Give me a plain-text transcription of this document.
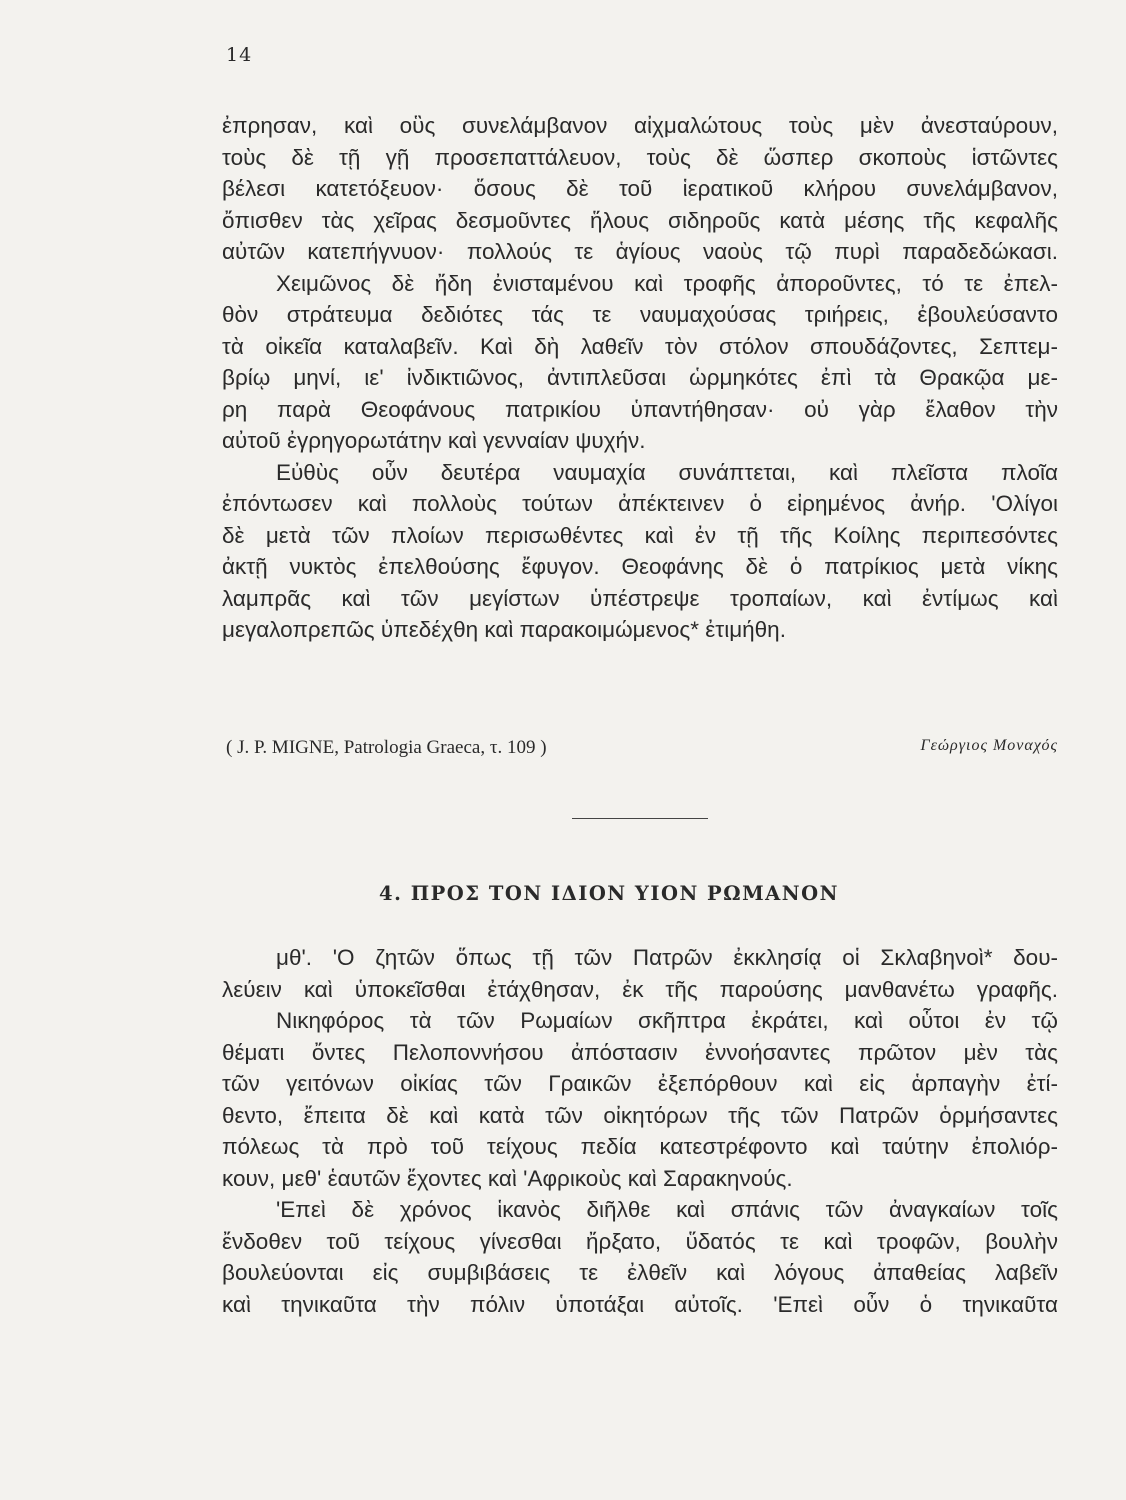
14
ἐπρησαν, καὶ οὓς συνελάμβανον αἰχμαλώτους τοὺς μὲν ἀνεσταύρουν,
τοὺς δὲ τῇ γῇ προσεπαττάλευον, τοὺς δὲ ὥσπερ σκοποὺς ἱστῶντες
βέλεσι κατετόξευον· ὅσους δὲ τοῦ ἱερατικοῦ κλήρου συνελάμβανον,
ὄπισθεν τὰς χεῖρας δεσμοῦντες ἥλους σιδηροῦς κατὰ μέσης τῆς κεφαλῆς
αὐτῶν κατεπήγνυον· πολλούς τε ἁγίους ναοὺς τῷ πυρὶ παραδεδώκασι.
Χειμῶνος δὲ ἤδη ἐνισταμένου καὶ τροφῆς ἀποροῦντες, τό τε ἐπελ-
θὸν στράτευμα δεδιότες τάς τε ναυμαχούσας τριήρεις, ἐβουλεύσαντο
τὰ οἰκεῖα καταλαβεῖν. Καὶ δὴ λαθεῖν τὸν στόλον σπουδάζοντες, Σεπτεμ-
βρίῳ μηνί, ιε' ἰνδικτιῶνος, ἀντιπλεῦσαι ὡρμηκότες ἐπὶ τὰ Θρακῷα με-
ρη παρὰ Θεοφάνους πατρικίου ὑπαντήθησαν· οὐ γὰρ ἔλαθον τὴν
αὐτοῦ ἐγρηγορωτάτην καὶ γενναίαν ψυχήν.
Εὐθὺς οὖν δευτέρα ναυμαχία συνάπτεται, καὶ πλεῖστα πλοῖα
ἐπόντωσεν καὶ πολλοὺς τούτων ἀπέκτεινεν ὁ εἰρημένος ἀνήρ. 'Ολίγοι
δὲ μετὰ τῶν πλοίων περισωθέντες καὶ ἐν τῇ τῆς Κοίλης περιπεσόντες
ἀκτῇ νυκτὸς ἐπελθούσης ἔφυγον. Θεοφάνης δὲ ὁ πατρίκιος μετὰ νίκης
λαμπρᾶς καὶ τῶν μεγίστων ὑπέστρεψε τροπαίων, καὶ ἐντίμως καὶ
μεγαλοπρεπῶς ὑπεδέχθη καὶ παρακοιμώμενος* ἐτιμήθη.
( J. P. MIGNE, Patrologia Graeca, τ. 109 )	Γεώργιος Μοναχός
4. ΠΡΟΣ ΤΟΝ ΙΔΙΟΝ ΥΙΟΝ ΡΩΜΑΝΟΝ
μθ'. 'Ο ζητῶν ὅπως τῇ τῶν Πατρῶν ἐκκλησίᾳ οἱ Σκλαβηνοὶ* δου-
λεύειν καὶ ὑποκεῖσθαι ἐτάχθησαν, ἐκ τῆς παρούσης μανθανέτω γραφῆς.
Νικηφόρος τὰ τῶν Ρωμαίων σκῆπτρα ἐκράτει, καὶ οὗτοι ἐν τῷ
θέματι ὄντες Πελοποννήσου ἀπόστασιν ἐννοήσαντες πρῶτον μὲν τὰς
τῶν γειτόνων οἰκίας τῶν Γραικῶν ἐξεπόρθουν καὶ εἰς ἁρπαγὴν ἐτί-
θεντο, ἔπειτα δὲ καὶ κατὰ τῶν οἰκητόρων τῆς τῶν Πατρῶν ὁρμήσαντες
πόλεως τὰ πρὸ τοῦ τείχους πεδία κατεστρέφοντο καὶ ταύτην ἐπολιόρ-
κουν, μεθ' ἑαυτῶν ἔχοντες καὶ 'Αφρικοὺς καὶ Σαρακηνούς.
'Επεὶ δὲ χρόνος ἱκανὸς διῆλθε καὶ σπάνις τῶν ἀναγκαίων τοῖς
ἔνδοθεν τοῦ τείχους γίνεσθαι ἤρξατο, ὕδατός τε καὶ τροφῶν, βουλὴν
βουλεύονται εἰς συμβιβάσεις τε ἐλθεῖν καὶ λόγους ἀπαθείας λαβεῖν
καὶ τηνικαῦτα τὴν πόλιν ὑποτάξαι αὐτοῖς. 'Επεὶ οὖν ὁ τηνικαῦτα
